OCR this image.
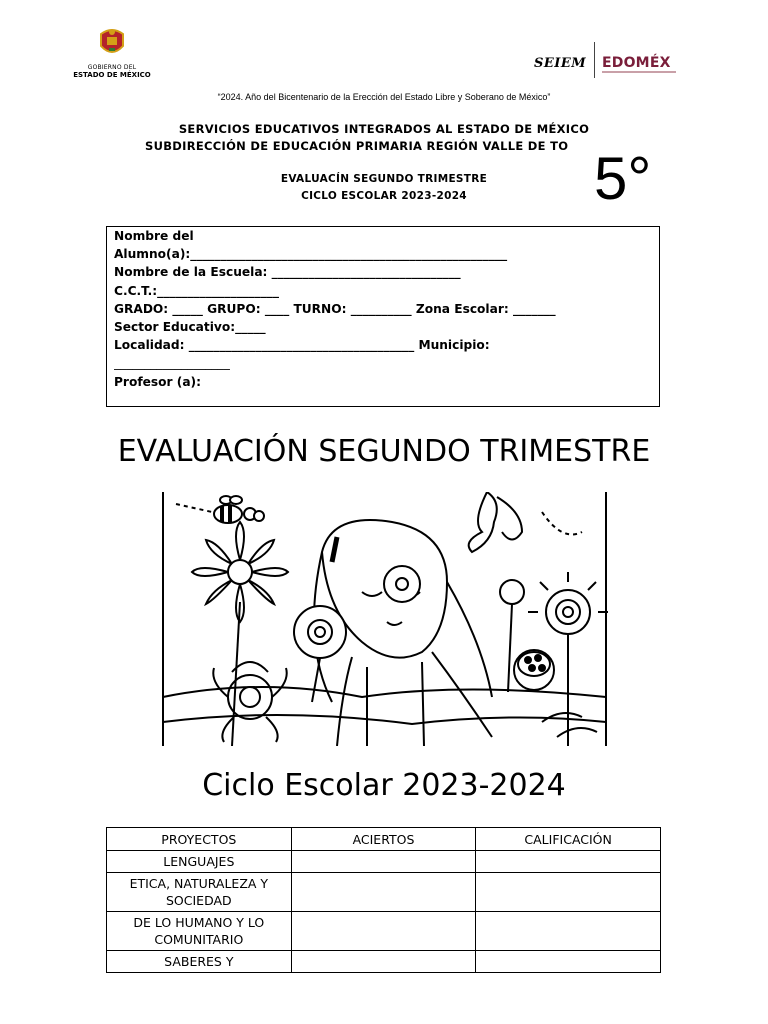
GOBIERNO DEL
ESTADO DE MÉXICO
SEIEM EDOMÉX
“2024. Año del Bicentenario de la Erección del Estado Libre y Soberano de México”
SERVICIOS EDUCATIVOS INTEGRADOS AL ESTADO DE MÉXICO
SUBDIRECCIÓN DE EDUCACIÓN PRIMARIA REGIÓN VALLE DE TO
EVALUACÍN SEGUNDO TRIMESTRE
CICLO ESCOLAR 2023-2024	5°
Nombre del
Alumno(a):____________________________________________________
Nombre de la Escuela: _______________________________
C.C.T.:____________________
GRADO: _____ GRUPO: ____ TURNO: __________ Zona Escolar: _______
Sector Educativo:_____
Localidad: _____________________________________ Municipio:
___________________
Profesor (a):
______________________________________________________________
EVALUACIÓN SEGUNDO TRIMESTRE
Ciclo Escolar 2023-2024
PROYECTOS	ACIERTOS	CALIFICACIÓN
LENGUAJES		
ETICA, NATURALEZA Y SOCIEDAD		
DE LO HUMANO Y LO COMUNITARIO		
SABERES Y		
